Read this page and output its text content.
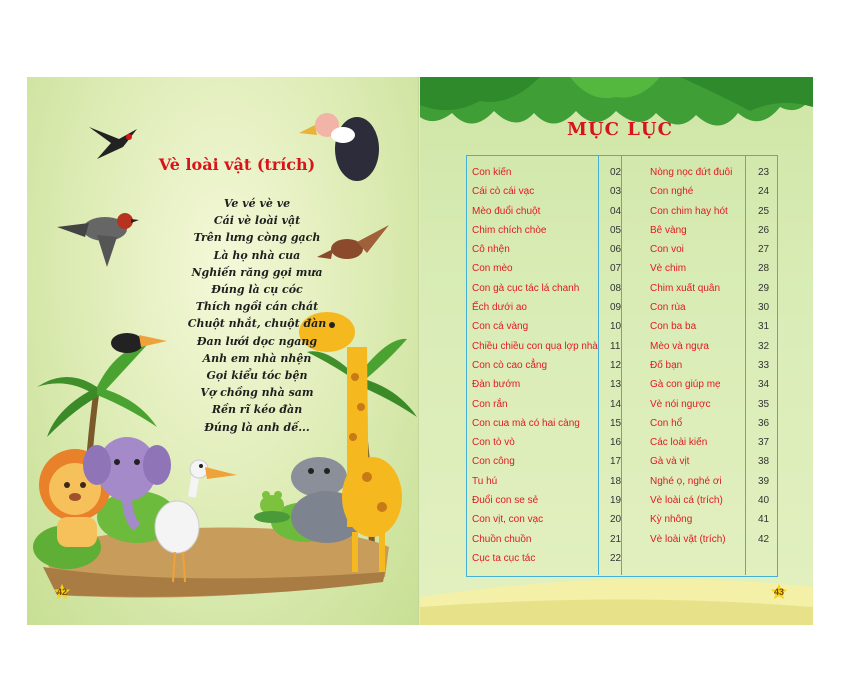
Vè loài vật (trích)
Ve vé vè ve
Cái vè loài vật
Trên lưng còng gạch
Là họ nhà cua
Nghiến răng gọi mưa
Đúng là cụ cóc
Thích ngồi cán chát
Chuột nhắt, chuột đàn
Đan lưới dọc ngang
Anh em nhà nhện
Gọi kiểu tóc bện
Vợ chồng nhà sam
Rền rĩ kéo đàn
Đúng là anh dế...
42
MỤC LỤC
Con kiến	02
Cái cò cái vạc	03
Mèo đuổi chuột	04
Chim chích chòe	05
Cô nhện	06
Con mèo	07
Con gà cục tác lá chanh	08
Ếch dưới ao	09
Con cá vàng	10
Chiều chiều con quạ lợp nhà 11
Con cò cao cẳng	12
Đàn bướm	13
Con rắn	14
Con cua mà có hai càng	15
Con tò vò	16
Con công	17
Tu hú	18
Đuổi con se sẻ	19
Con vịt, con vạc	20
Chuồn chuồn	21
Cục ta cục tác	22
Nòng nọc đứt đuôi	23
Con nghé	24
Con chim hay hót	25
Bê vàng	26
Con voi	27
Vè chim	28
Chim xuất quân	29
Con rùa	30
Con ba ba	31
Mèo và ngựa	32
Đố bạn	33
Gà con giúp mẹ	34
Vè nói ngược	35
Con hổ	36
Các loài kiến	37
Gà và vịt	38
Nghé ọ, nghé ơi	39
Vè loài cá (trích)	40
Kỳ nhông	41
Vè loài vật (trích)	42
43
